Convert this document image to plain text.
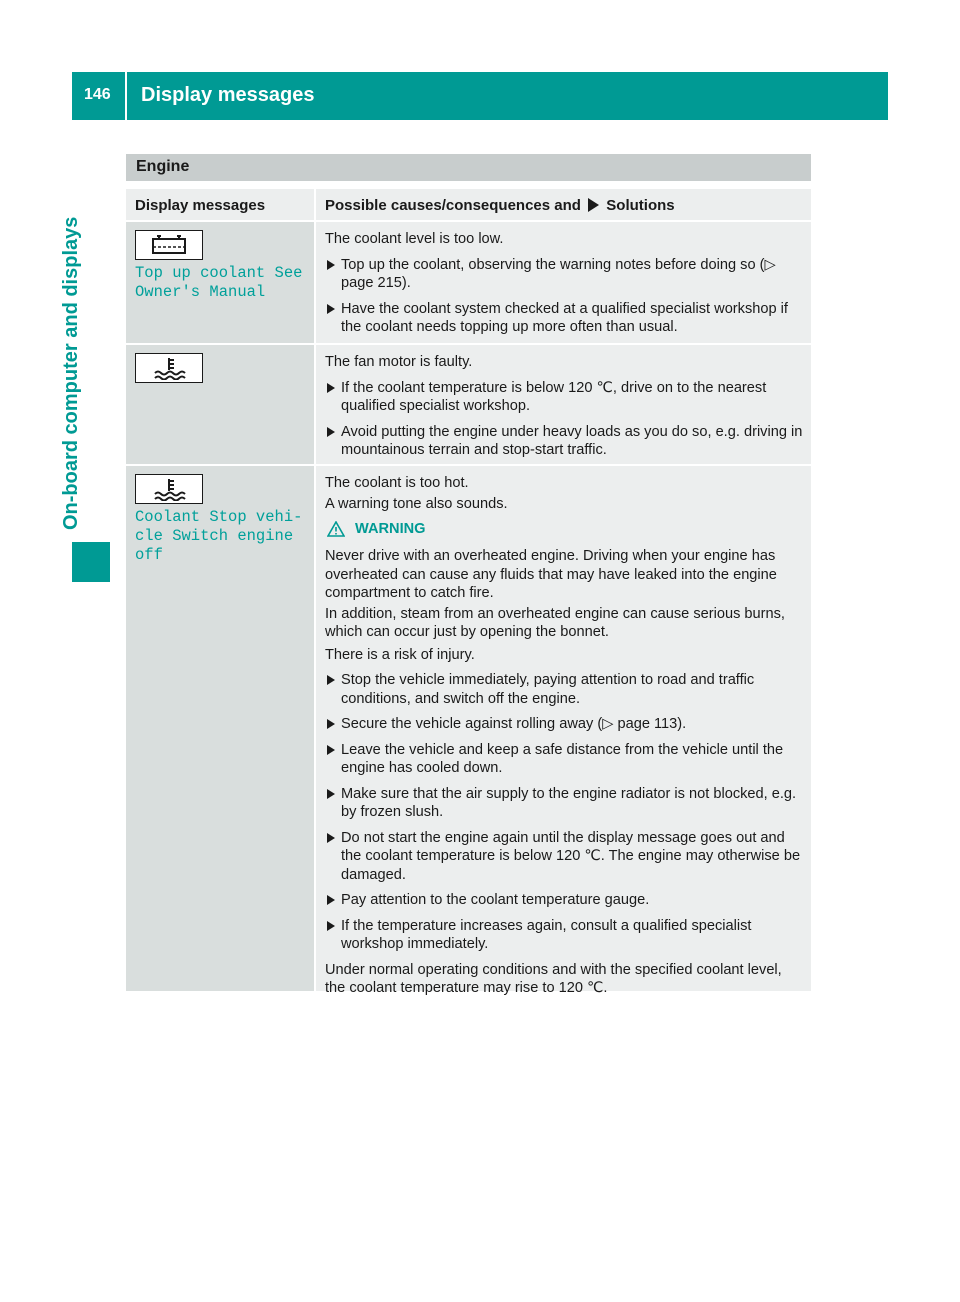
146 Display messages
On-board computer and displays
Engine
Display messages	Possible causes/consequences and Solutions
Top up coolant See
Owner's Manual

The coolant level is too low.

Top up the coolant, observing the warning notes before doing so (▷ page 215).

Have the coolant system checked at a qualified specialist workshop if the coolant needs topping up more often than usual.

The fan motor is faulty.

If the coolant temperature is below 120 ℃, drive on to the nearest qualified specialist workshop.

Avoid putting the engine under heavy loads as you do so, e.g. driving in mountainous terrain and stop-start traffic.

Coolant Stop vehi‐
cle Switch engine
off

The coolant is too hot.

A warning tone also sounds.

WARNING

Never drive with an overheated engine. Driving when your engine has overheated can cause any fluids that may have leaked into the engine compartment to catch fire.

In addition, steam from an overheated engine can cause serious burns, which can occur just by opening the bonnet.

There is a risk of injury.

Stop the vehicle immediately, paying attention to road and traffic conditions, and switch off the engine.

Secure the vehicle against rolling away (▷ page 113).

Leave the vehicle and keep a safe distance from the vehicle until the engine has cooled down.

Make sure that the air supply to the engine radiator is not blocked, e.g. by frozen slush.

Do not start the engine again until the display message goes out and the coolant temperature is below 120 ℃. The engine may otherwise be damaged.

Pay attention to the coolant temperature gauge.

If the temperature increases again, consult a qualified specialist workshop immediately.

Under normal operating conditions and with the specified coolant level, the coolant temperature may rise to 120 ℃.
